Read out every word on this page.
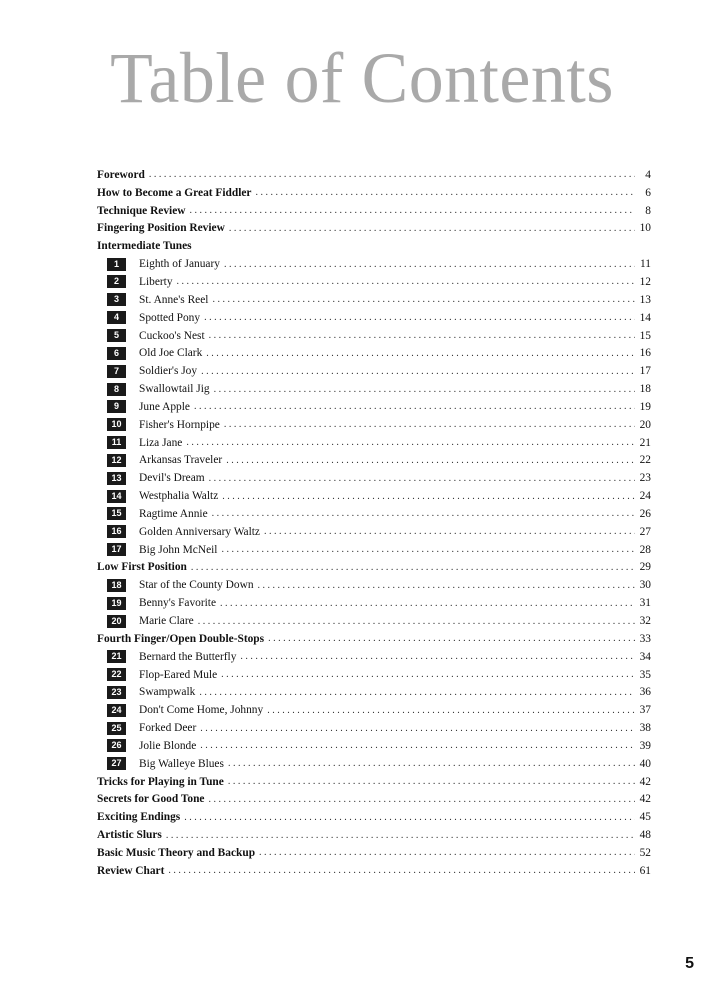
Table of Contents
Foreword . . .	4
How to Become a Great Fiddler . . .	6
Technique Review . . .	8
Fingering Position Review . . .	10
Intermediate Tunes
1	Eighth of January . . .	11
2	Liberty . . .	12
3	St. Anne's Reel . . .	13
4	Spotted Pony . . .	14
5	Cuckoo's Nest . . .	15
6	Old Joe Clark . . .	16
7	Soldier's Joy . . .	17
8	Swallowtail Jig . . .	18
9	June Apple . . .	19
10	Fisher's Hornpipe . . .	20
11	Liza Jane . . .	21
12	Arkansas Traveler . . .	22
13	Devil's Dream . . .	23
14	Westphalia Waltz . . .	24
15	Ragtime Annie . . .	26
16	Golden Anniversary Waltz . . .	27
17	Big John McNeil . . .	28
Low First Position . . .	29
18	Star of the County Down . . .	30
19	Benny's Favorite . . .	31
20	Marie Clare . . .	32
Fourth Finger/Open Double-Stops . . .	33
21	Bernard the Butterfly . . .	34
22	Flop-Eared Mule . . .	35
23	Swampwalk . . .	36
24	Don't Come Home, Johnny . . .	37
25	Forked Deer . . .	38
26	Jolie Blonde . . .	39
27	Big Walleye Blues . . .	40
Tricks for Playing in Tune . . .	42
Secrets for Good Tone . . .	42
Exciting Endings . . .	45
Artistic Slurs . . .	48
Basic Music Theory and Backup . . .	52
Review Chart . . .	61
5
